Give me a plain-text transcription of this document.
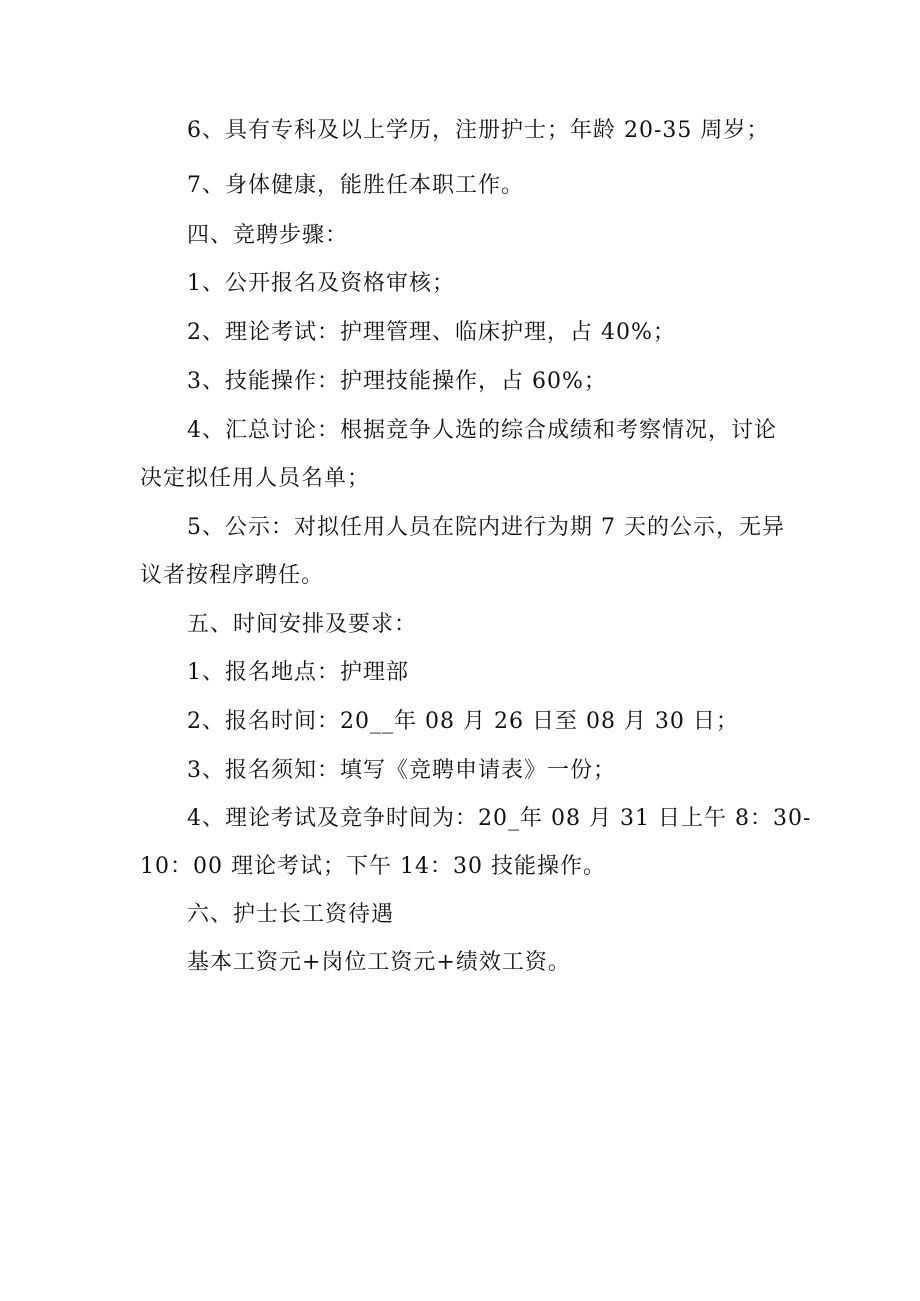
6、具有专科及以上学历，注册护士；年龄 20-35 周岁；
7、身体健康，能胜任本职工作。
四、竞聘步骤：
1、公开报名及资格审核；
2、理论考试：护理管理、临床护理，占 40%；
3、技能操作：护理技能操作，占 60%；
4、汇总讨论：根据竞争人选的综合成绩和考察情况，讨论
决定拟任用人员名单；
5、公示：对拟任用人员在院内进行为期 7 天的公示，无异
议者按程序聘任。
五、时间安排及要求：
1、报名地点：护理部
2、报名时间：20__年 08 月 26 日至 08 月 30 日；
3、报名须知：填写《竞聘申请表》一份；
4、理论考试及竞争时间为：20_年 08 月 31 日上午 8：30-
10：00 理论考试；下午 14：30 技能操作。
六、护士长工资待遇
基本工资元+岗位工资元+绩效工资。
